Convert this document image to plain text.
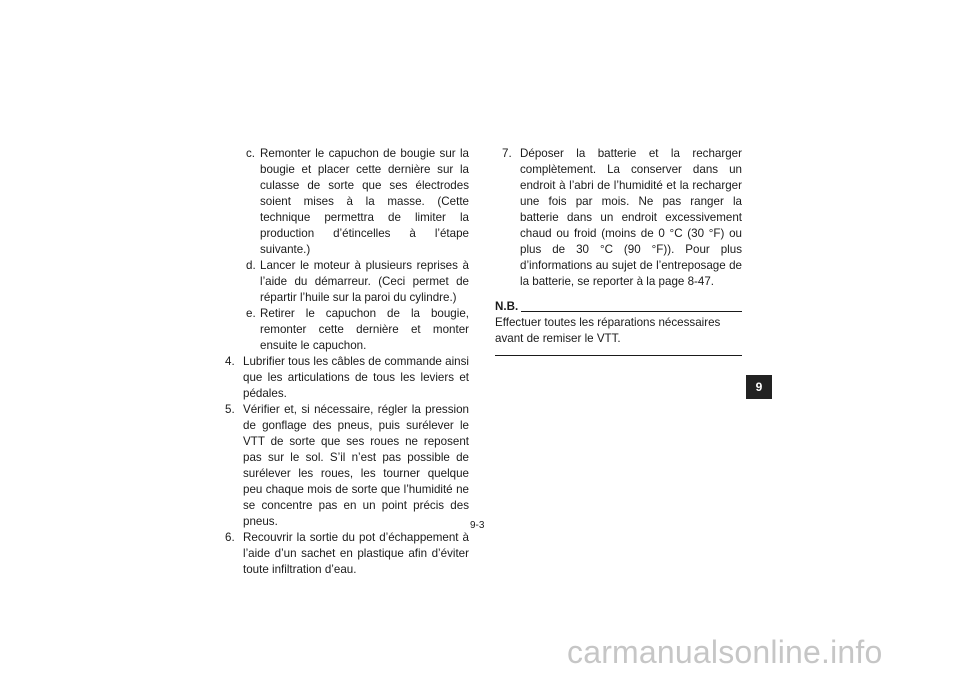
c. Remonter le capuchon de bougie sur la bougie et placer cette dernière sur la culasse de sorte que ses électrodes soient mises à la masse. (Cette technique permettra de limiter la production d’étincelles à l’étape suivante.)
d. Lancer le moteur à plusieurs reprises à l’aide du démarreur. (Ceci permet de répartir l’huile sur la paroi du cylindre.)
e. Retirer le capuchon de la bougie, remonter cette dernière et monter ensuite le capuchon.
4. Lubrifier tous les câbles de commande ainsi que les articulations de tous les leviers et pédales.
5. Vérifier et, si nécessaire, régler la pression de gonflage des pneus, puis surélever le VTT de sorte que ses roues ne reposent pas sur le sol. S’il n’est pas possible de surélever les roues, les tourner quelque peu chaque mois de sorte que l’humidité ne se concentre pas en un point précis des pneus.
6. Recouvrir la sortie du pot d’échappement à l’aide d’un sachet en plastique afin d’éviter toute infiltration d’eau.
7. Déposer la batterie et la recharger complètement. La conserver dans un endroit à l’abri de l’humidité et la recharger une fois par mois. Ne pas ranger la batterie dans un endroit excessivement chaud ou froid (moins de 0 °C (30 °F) ou plus de 30 °C (90 °F)). Pour plus d’informations au sujet de l’entreposage de la batterie, se reporter à la page 8-47.
N.B.
Effectuer toutes les réparations nécessaires avant de remiser le VTT.
9-3
9
carmanualsonline.info
